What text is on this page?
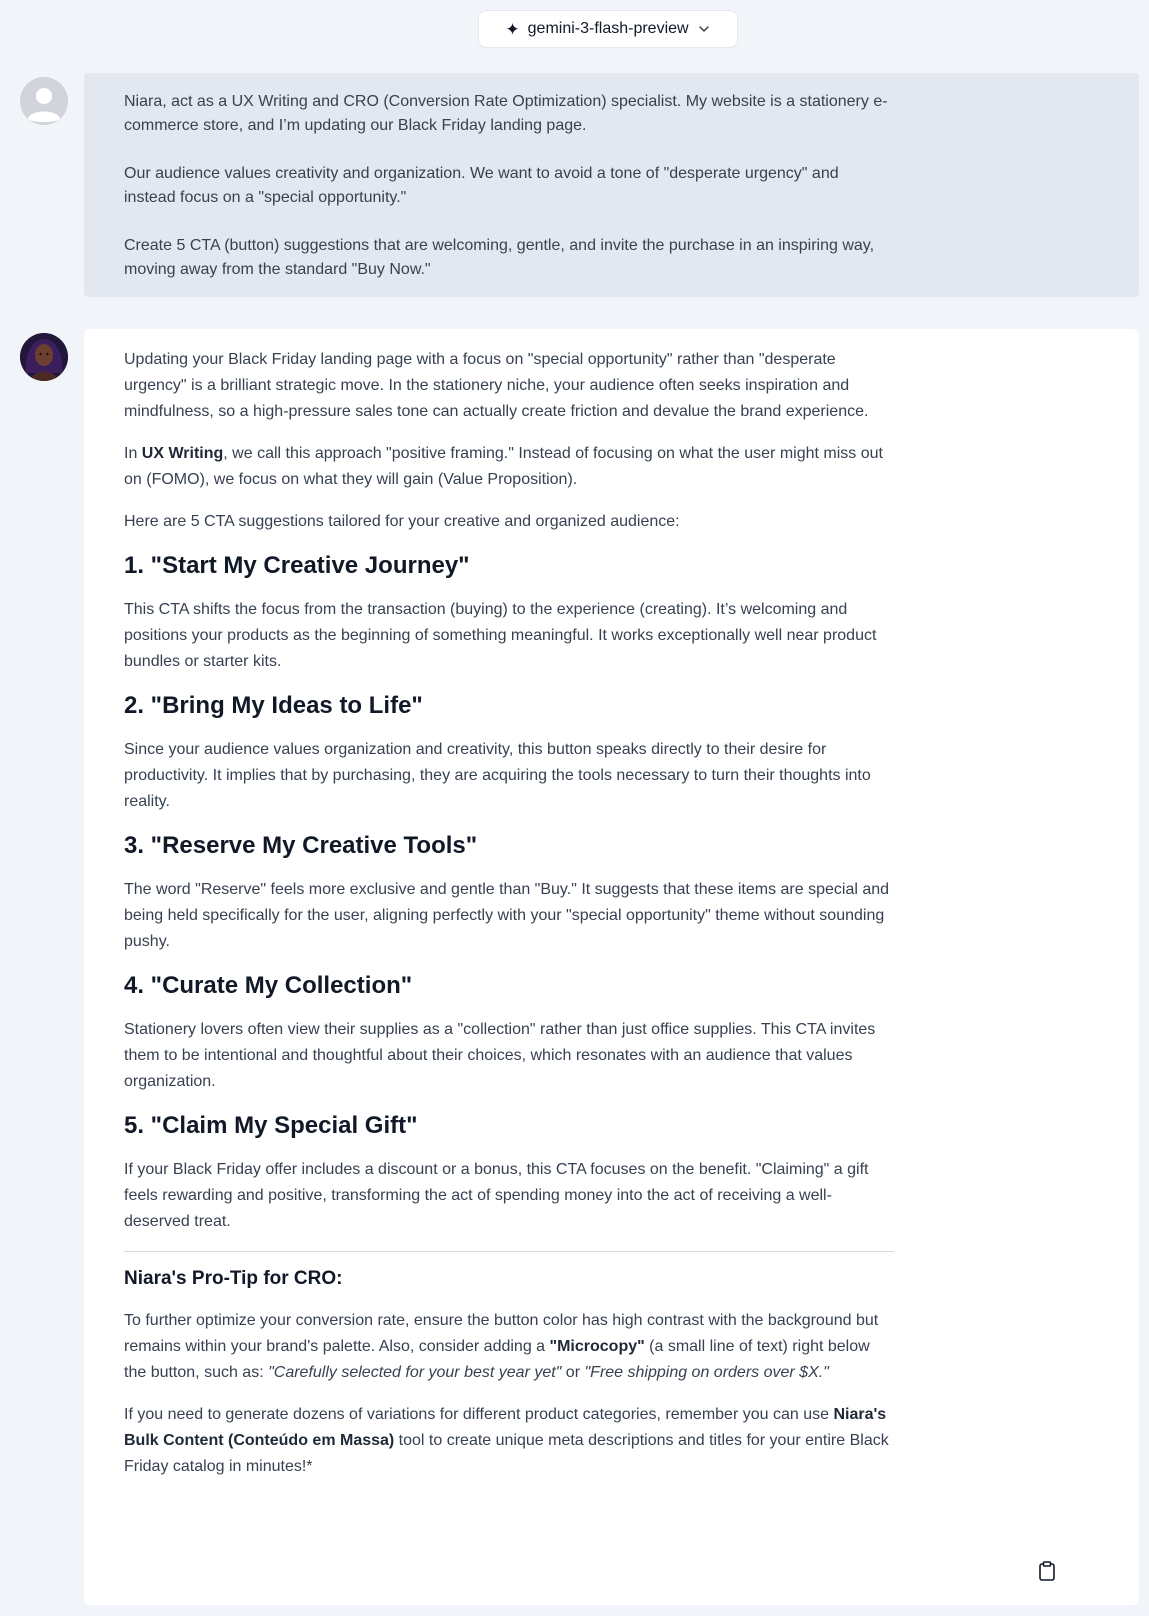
✦ gemini-3-flash-preview

Niara, act as a UX Writing and CRO (Conversion Rate Optimization) specialist. My website is a stationery e-commerce store, and I’m updating our Black Friday landing page.

Our audience values creativity and organization. We want to avoid a tone of "desperate urgency" and instead focus on a "special opportunity."

Create 5 CTA (button) suggestions that are welcoming, gentle, and invite the purchase in an inspiring way, moving away from the standard "Buy Now."

Updating your Black Friday landing page with a focus on "special opportunity" rather than "desperate urgency" is a brilliant strategic move. In the stationery niche, your audience often seeks inspiration and mindfulness, so a high-pressure sales tone can actually create friction and devalue the brand experience.

In UX Writing, we call this approach "positive framing." Instead of focusing on what the user might miss out on (FOMO), we focus on what they will gain (Value Proposition).

Here are 5 CTA suggestions tailored for your creative and organized audience:

1. "Start My Creative Journey"

This CTA shifts the focus from the transaction (buying) to the experience (creating). It’s welcoming and positions your products as the beginning of something meaningful. It works exceptionally well near product bundles or starter kits.

2. "Bring My Ideas to Life"

Since your audience values organization and creativity, this button speaks directly to their desire for productivity. It implies that by purchasing, they are acquiring the tools necessary to turn their thoughts into reality.

3. "Reserve My Creative Tools"

The word "Reserve" feels more exclusive and gentle than "Buy." It suggests that these items are special and being held specifically for the user, aligning perfectly with your "special opportunity" theme without sounding pushy.

4. "Curate My Collection"

Stationery lovers often view their supplies as a "collection" rather than just office supplies. This CTA invites them to be intentional and thoughtful about their choices, which resonates with an audience that values organization.

5. "Claim My Special Gift"

If your Black Friday offer includes a discount or a bonus, this CTA focuses on the benefit. "Claiming" a gift feels rewarding and positive, transforming the act of spending money into the act of receiving a well-deserved treat.

Niara's Pro-Tip for CRO:

To further optimize your conversion rate, ensure the button color has high contrast with the background but remains within your brand's palette. Also, consider adding a "Microcopy" (a small line of text) right below the button, such as: "Carefully selected for your best year yet" or "Free shipping on orders over $X."

If you need to generate dozens of variations for different product categories, remember you can use Niara's Bulk Content (Conteúdo em Massa) tool to create unique meta descriptions and titles for your entire Black Friday catalog in minutes!*
